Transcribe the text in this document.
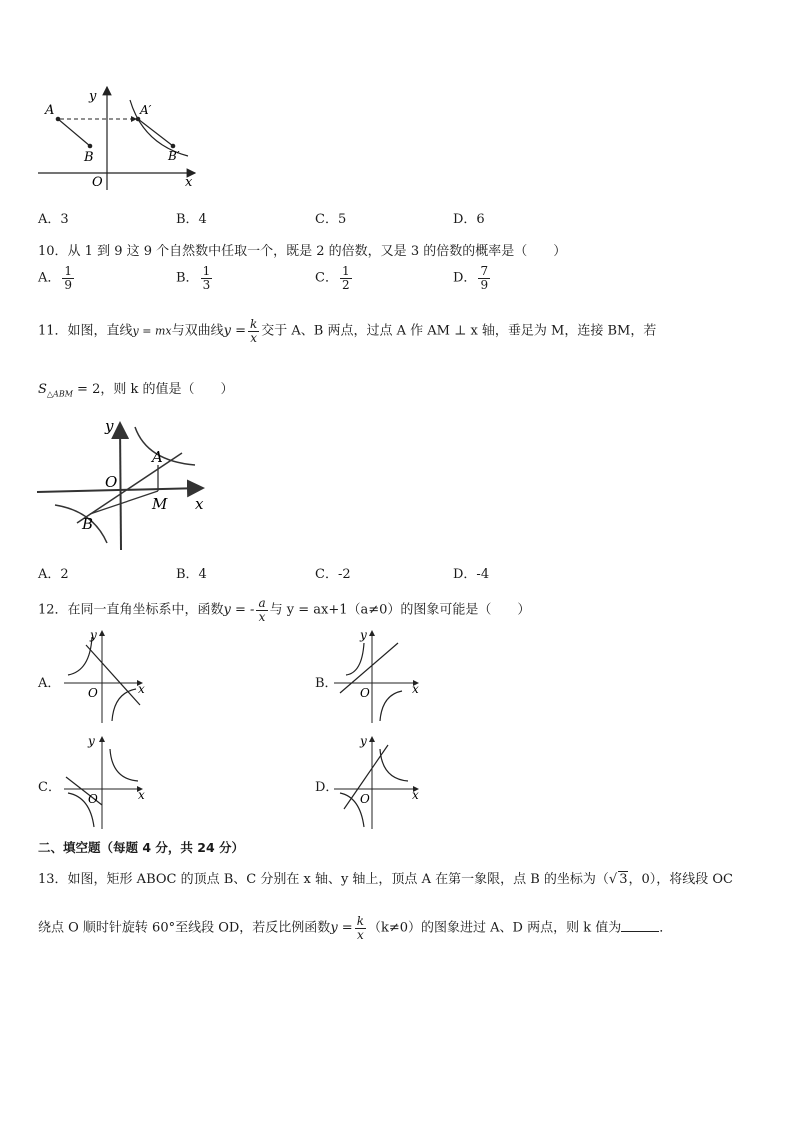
y
x
O
A
B
A′
B′
A．3	B．4	C．5	D．6
10．从 1 到 9 这 9 个自然数中任取一个，既是 2 的倍数，又是 3 的倍数的概率是（　　）
A． $\frac{1}{9}$	B． $\frac{1}{3}$	C． $\frac{1}{2}$	D． $\frac{7}{9}$
11．如图，直线y = mx与双曲线$y = \frac{k}{x}$ 交于 A、B 两点，过点 A 作 AM ⊥ x 轴，垂足为 M，连接 BM，若
$S_{\triangle ABM} = 2$，则 k 的值是（　　）
y
x
O
A
B
M
A．2	B．4	C．-2	D．-4
12．在同一直角坐标系中，函数y = - $\frac{a}{x}$ 与 y = ax+1（a≠0）的图象可能是（　　）
A．
y
x
O
B．
y
x
O
C．
y
x
O
D．
y
x
O
二、填空题（每题 4 分，共 24 分）
13．如图，矩形 ABOC 的顶点 B、C 分别在 x 轴、y 轴上，顶点 A 在第一象限，点 B 的坐标为（√ 3，0），将线段 OC
绕点 O 顺时针旋转 60°至线段 OD，若反比例函数$y = \frac{k}{x} (k\ne 0)$的图象进过 A、D 两点，则 k 值为	．
